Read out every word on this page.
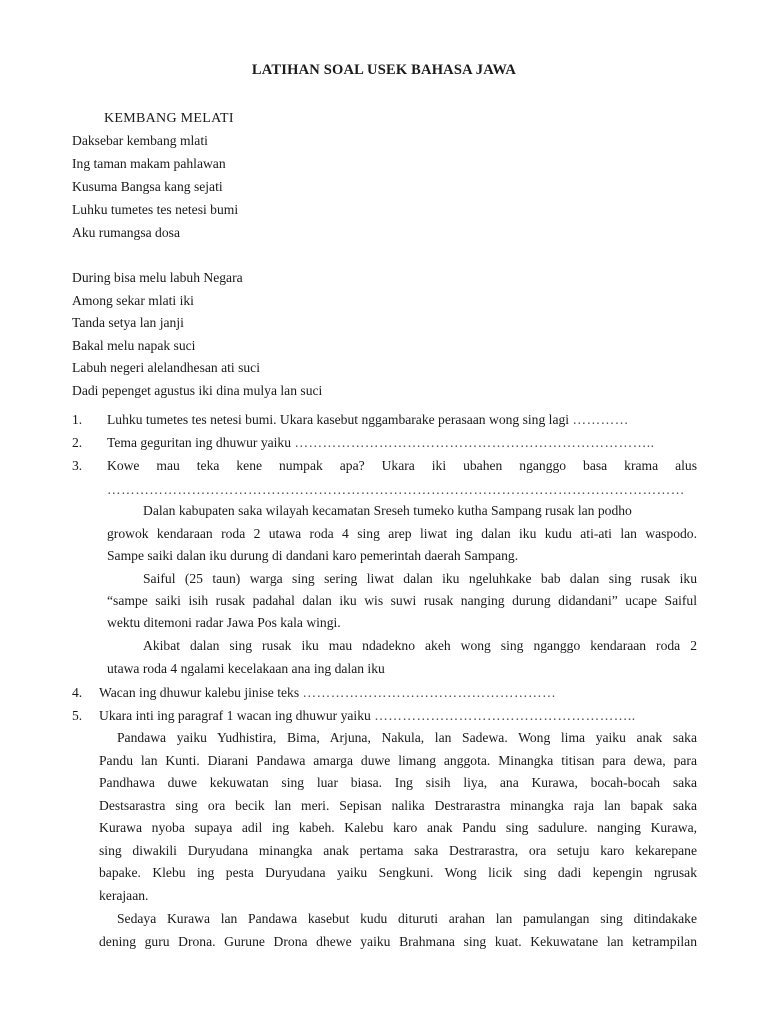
LATIHAN SOAL USEK BAHASA JAWA
KEMBANG MELATI
Daksebar kembang mlati
Ing taman makam pahlawan
Kusuma Bangsa kang sejati
Luhku tumetes tes netesi bumi
Aku rumangsa dosa
During bisa melu labuh Negara
Among sekar mlati iki
Tanda setya lan janji
Bakal melu napak suci
Labuh negeri alelandhesan ati suci
Dadi pepenget agustus iki dina mulya lan suci
1. Luhku tumetes tes netesi bumi. Ukara kasebut nggambarake perasaan wong sing lagi …………
2. Tema geguritan ing dhuwur yaiku …………………………………………………………………..
3. Kowe mau teka kene numpak apa? Ukara iki ubahen nganggo basa krama alus
……………………………………………………………………………………………………………
Dalan kabupaten saka wilayah kecamatan Sreseh tumeko kutha Sampang rusak lan podho
growok kendaraan roda 2 utawa roda 4 sing arep liwat ing dalan iku kudu ati-ati lan waspodo.
Sampe saiki dalan iku durung di dandani karo pemerintah daerah Sampang.
Saiful (25 taun) warga sing sering liwat dalan iku ngeluhkake bab dalan sing rusak iku
“sampe saiki isih rusak padahal dalan iku wis suwi rusak nanging durung didandani” ucape Saiful
wektu ditemoni radar Jawa Pos kala wingi.
Akibat dalan sing rusak iku mau ndadekno akeh wong sing nganggo kendaraan roda 2
utawa roda 4 ngalami kecelakaan ana ing dalan iku
4. Wacan ing dhuwur kalebu jinise teks ………………………………………………
5. Ukara inti ing paragraf 1 wacan ing dhuwur yaiku ………………………………………………..
Pandawa yaiku Yudhistira, Bima, Arjuna, Nakula, lan Sadewa. Wong lima yaiku anak saka
Pandu lan Kunti. Diarani Pandawa amarga duwe limang anggota. Minangka titisan para dewa, para
Pandhawa duwe kekuwatan sing luar biasa. Ing sisih liya, ana Kurawa, bocah-bocah saka
Destsarastra sing ora becik lan meri. Sepisan nalika Destrarastra minangka raja lan bapak saka
Kurawa nyoba supaya adil ing kabeh. Kalebu karo anak Pandu sing sadulure. nanging Kurawa,
sing diwakili Duryudana minangka anak pertama saka Destrarastra, ora setuju karo kekarepane
bapake. Klebu ing pesta Duryudana yaiku Sengkuni. Wong licik sing dadi kepengin ngrusak
kerajaan.
Sedaya Kurawa lan Pandawa kasebut kudu dituruti arahan lan pamulangan sing ditindakake
dening guru Drona. Gurune Drona dhewe yaiku Brahmana sing kuat. Kekuwatane lan ketrampilan
